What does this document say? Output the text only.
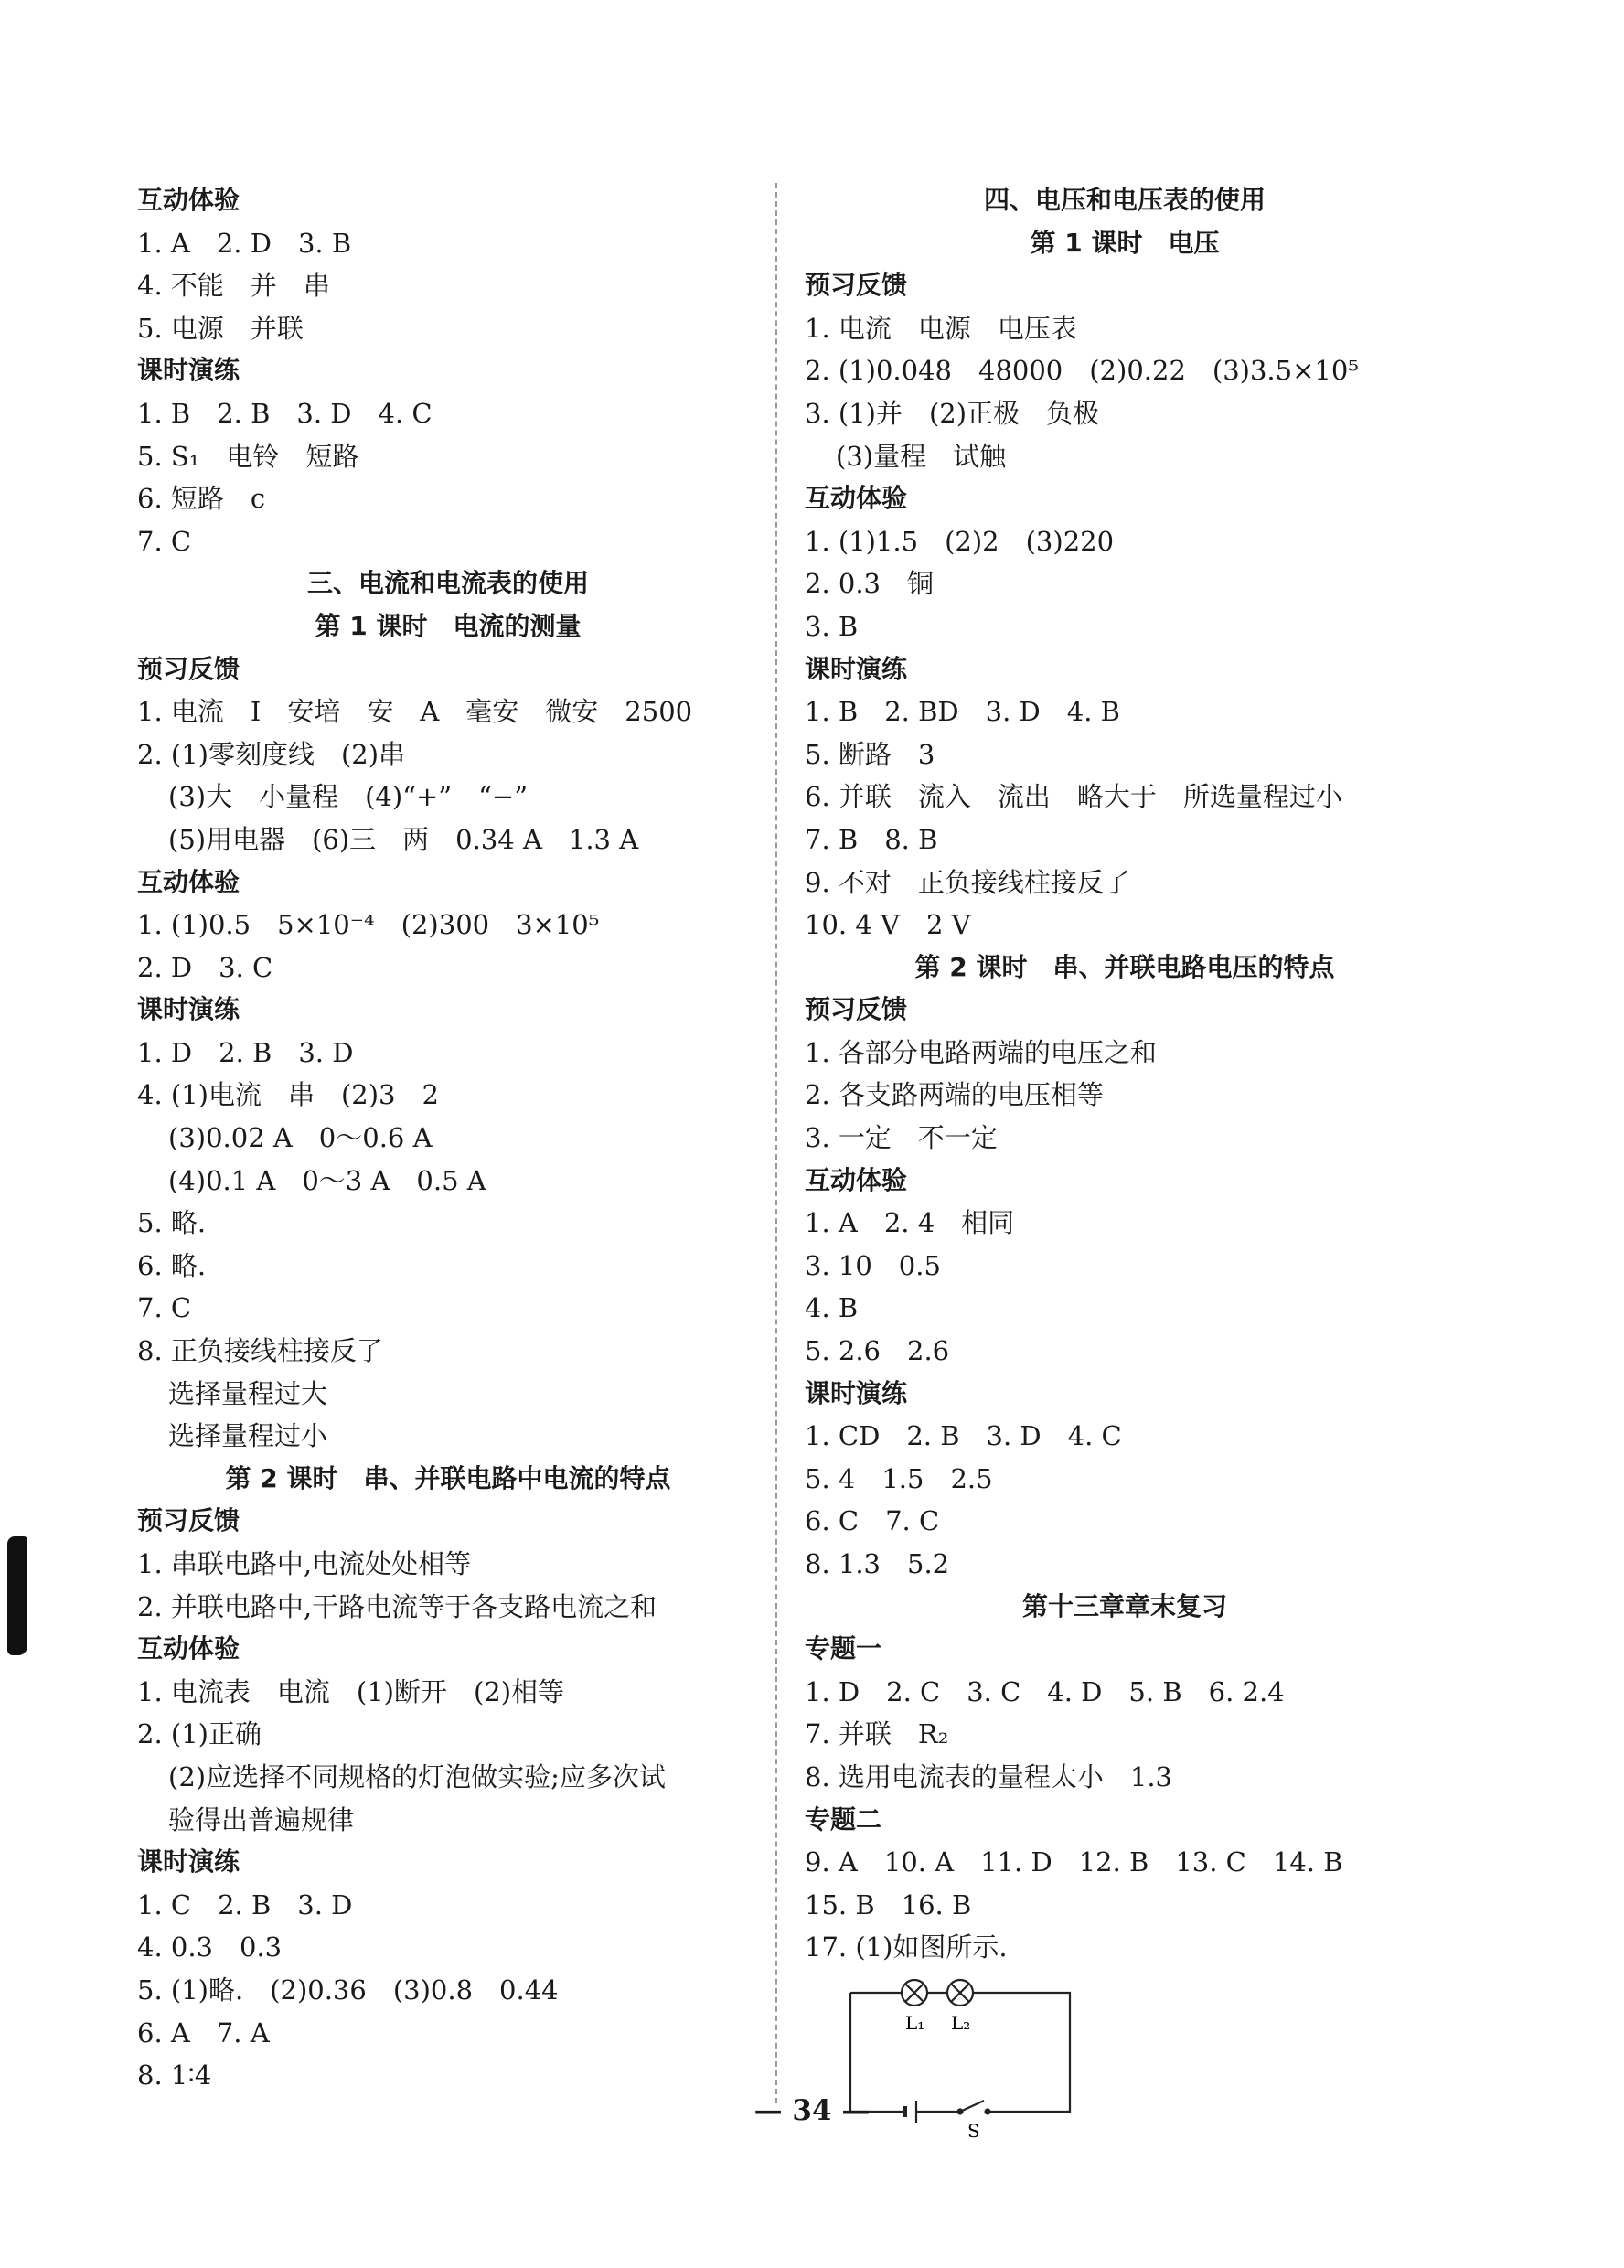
互动体验
1. A　2. D　3. B
4. 不能　并　串
5. 电源　并联
课时演练
1. B　2. B　3. D　4. C
5. S₁　电铃　短路
6. 短路　c
7. C
三、电流和电流表的使用
第 1 课时　电流的测量
预习反馈
1. 电流　I　安培　安　A　毫安　微安　2500
2. (1)零刻度线　(2)串
(3)大　小量程　(4)“+”　“−”
(5)用电器　(6)三　两　0.34 A　1.3 A
互动体验
1. (1)0.5　5×10⁻⁴　(2)300　3×10⁵
2. D　3. C
课时演练
1. D　2. B　3. D
4. (1)电流　串　(2)3　2
(3)0.02 A　0～0.6 A
(4)0.1 A　0～3 A　0.5 A
5. 略.
6. 略.
7. C
8. 正负接线柱接反了
选择量程过大
选择量程过小
第 2 课时　串、并联电路中电流的特点
预习反馈
1. 串联电路中,电流处处相等
2. 并联电路中,干路电流等于各支路电流之和
互动体验
1. 电流表　电流　(1)断开　(2)相等
2. (1)正确
(2)应选择不同规格的灯泡做实验;应多次试
验得出普遍规律
课时演练
1. C　2. B　3. D
4. 0.3　0.3
5. (1)略.　(2)0.36　(3)0.8　0.44
6. A　7. A
8. 1∶4
四、电压和电压表的使用
第 1 课时　电压
预习反馈
1. 电流　电源　电压表
2. (1)0.048　48000　(2)0.22　(3)3.5×10⁵
3. (1)并　(2)正极　负极
(3)量程　试触
互动体验
1. (1)1.5　(2)2　(3)220
2. 0.3　铜
3. B
课时演练
1. B　2. BD　3. D　4. B
5. 断路　3
6. 并联　流入　流出　略大于　所选量程过小
7. B　8. B
9. 不对　正负接线柱接反了
10. 4 V　2 V
第 2 课时　串、并联电路电压的特点
预习反馈
1. 各部分电路两端的电压之和
2. 各支路两端的电压相等
3. 一定　不一定
互动体验
1. A　2. 4　相同
3. 10　0.5
4. B
5. 2.6　2.6
课时演练
1. CD　2. B　3. D　4. C
5. 4　1.5　2.5
6. C　7. C
8. 1.3　5.2
第十三章章末复习
专题一
1. D　2. C　3. C　4. D　5. B　6. 2.4
7. 并联　R₂
8. 选用电流表的量程太小　1.3
专题二
9. A　10. A　11. D　12. B　13. C　14. B
15. B　16. B
17. (1)如图所示.
L₁ L₂
S
— 34 —
